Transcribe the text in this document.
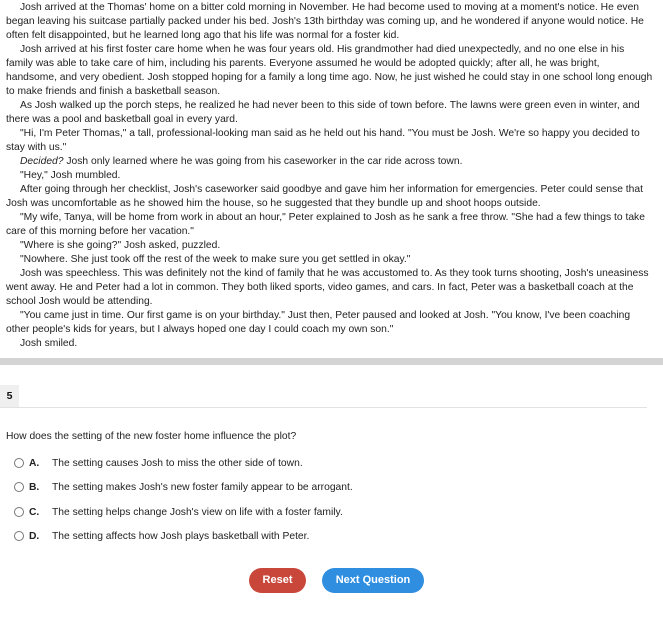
Josh arrived at the Thomas' home on a bitter cold morning in November. He had become used to moving at a moment's notice. He even began leaving his suitcase partially packed under his bed. Josh's 13th birthday was coming up, and he wondered if anyone would notice. He often felt disappointed, but he learned long ago that his life was normal for a foster kid.

Josh arrived at his first foster care home when he was four years old. His grandmother had died unexpectedly, and no one else in his family was able to take care of him, including his parents. Everyone assumed he would be adopted quickly; after all, he was bright, handsome, and very obedient. Josh stopped hoping for a family a long time ago. Now, he just wished he could stay in one school long enough to make friends and finish a basketball season.

As Josh walked up the porch steps, he realized he had never been to this side of town before. The lawns were green even in winter, and there was a pool and basketball goal in every yard.

"Hi, I'm Peter Thomas," a tall, professional-looking man said as he held out his hand. "You must be Josh. We're so happy you decided to stay with us."

Decided? Josh only learned where he was going from his caseworker in the car ride across town.

"Hey," Josh mumbled.

After going through her checklist, Josh's caseworker said goodbye and gave him her information for emergencies. Peter could sense that Josh was uncomfortable as he showed him the house, so he suggested that they bundle up and shoot hoops outside.

"My wife, Tanya, will be home from work in about an hour," Peter explained to Josh as he sank a free throw. "She had a few things to take care of this morning before her vacation."

"Where is she going?" Josh asked, puzzled.

"Nowhere. She just took off the rest of the week to make sure you get settled in okay."

Josh was speechless. This was definitely not the kind of family that he was accustomed to. As they took turns shooting, Josh's uneasiness went away. He and Peter had a lot in common. They both liked sports, video games, and cars. In fact, Peter was a basketball coach at the school Josh would be attending.

"You came just in time. Our first game is on your birthday." Just then, Peter paused and looked at Josh. "You know, I've been coaching other people's kids for years, but I always hoped one day I could coach my own son."

Josh smiled.

5
How does the setting of the new foster home influence the plot?
A.	The setting causes Josh to miss the other side of town.
B.	The setting makes Josh's new foster family appear to be arrogant.
C.	The setting helps change Josh's view on life with a foster family.
D.	The setting affects how Josh plays basketball with Peter.
Reset	Next Question
